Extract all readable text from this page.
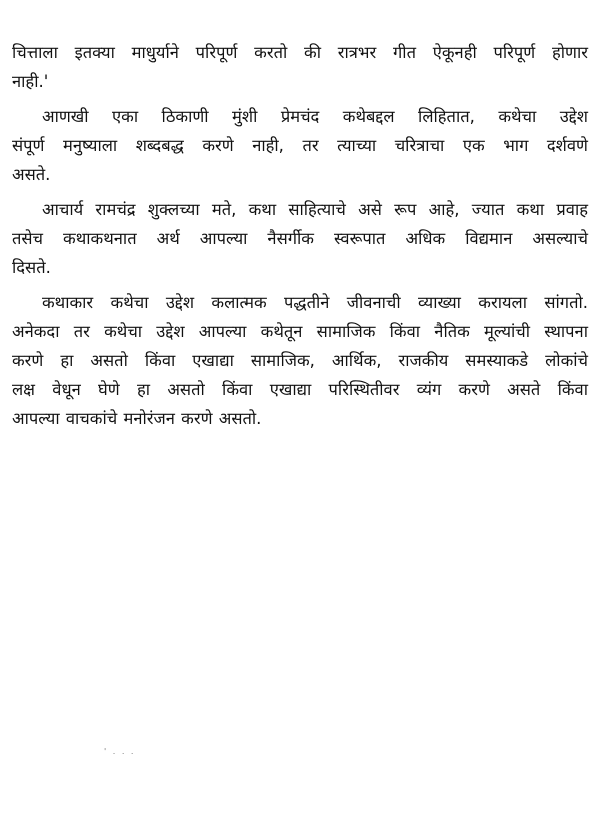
चित्ताला इतक्या माधुर्याने परिपूर्ण करतो की रात्रभर गीत ऐकूनही परिपूर्ण होणार
नाही.'

आणखी एका ठिकाणी मुंशी प्रेमचंद कथेबद्दल लिहितात, कथेचा उद्देश
संपूर्ण मनुष्याला शब्दबद्ध करणे नाही, तर त्याच्या चरित्राचा एक भाग दर्शवणे
असते.

आचार्य रामचंद्र शुक्लच्या मते, कथा साहित्याचे असे रूप आहे, ज्यात कथा प्रवाह
तसेच कथाकथनात अर्थ आपल्या नैसर्गीक स्वरूपात अधिक विद्यमान असल्याचे
दिसते.

कथाकार कथेचा उद्देश कलात्मक पद्धतीने जीवनाची व्याख्या करायला सांगतो.
अनेकदा तर कथेचा उद्देश आपल्या कथेतून सामाजिक किंवा नैतिक मूल्यांची स्थापना
करणे हा असतो किंवा एखाद्या सामाजिक, आर्थिक, राजकीय समस्याकडे लोकांचे
लक्ष वेधून घेणे हा असतो किंवा एखाद्या परिस्थितीवर व्यंग करणे असते किंवा
आपल्या वाचकांचे मनोरंजन करणे असतो.

' . . .
